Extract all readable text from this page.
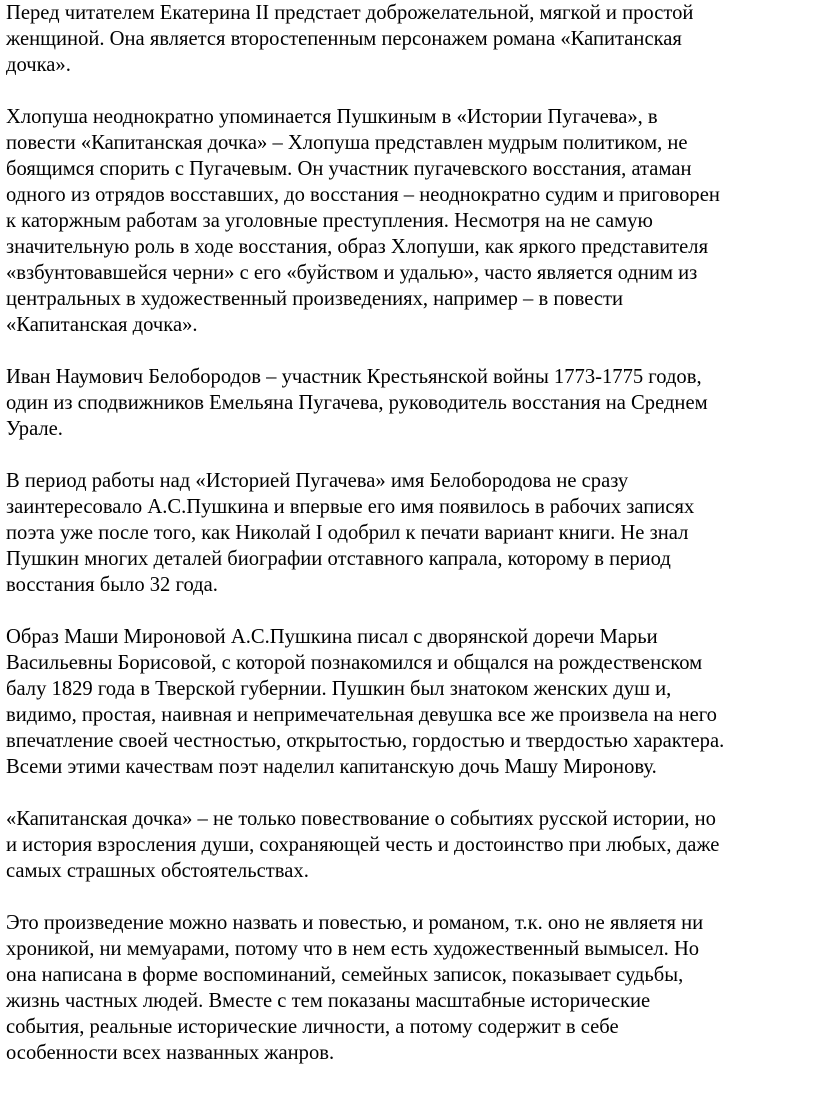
Перед читателем Екатерина II предстает доброжелательной, мягкой и простой
женщиной. Она является второстепенным персонажем романа «Капитанская
дочка».

Хлопуша неоднократно упоминается Пушкиным в «Истории Пугачева», в
повести «Капитанская дочка» – Хлопуша представлен мудрым политиком, не
боящимся спорить с Пугачевым. Он участник пугачевского восстания, атаман
одного из отрядов восставших, до восстания – неоднократно судим и приговорен
к каторжным работам за уголовные преступления. Несмотря на не самую
значительную роль в ходе восстания, образ Хлопуши, как яркого представителя
«взбунтовавшейся черни» с его «буйством и удалью», часто является одним из
центральных в художественный произведениях, например – в повести
«Капитанская дочка».

Иван Наумович Белобородов – участник Крестьянской войны 1773-1775 годов,
один из сподвижников Емельяна Пугачева, руководитель восстания на Среднем
Урале.

В период работы над «Историей Пугачева» имя Белобородова не сразу
заинтересовало А.С.Пушкина и впервые его имя появилось в рабочих записях
поэта уже после того, как Николай I одобрил к печати вариант книги. Не знал
Пушкин многих деталей биографии отставного капрала, которому в период
восстания было 32 года.

Образ Маши Мироновой А.С.Пушкина писал с дворянской доречи Марьи
Васильевны Борисовой, с которой познакомился и общался на рождественском
балу 1829 года в Тверской губернии. Пушкин был знатоком женских душ и,
видимо, простая, наивная и непримечательная девушка все же произвела на него
впечатление своей честностью, открытостью, гордостью и твердостью характера.
Всеми этими качествам поэт наделил капитанскую дочь Машу Миронову.

«Капитанская дочка» – не только повествование о событиях русской истории, но
и история взросления души, сохраняющей честь и достоинство при любых, даже
самых страшных обстоятельствах.

Это произведение можно назвать и повестью, и романом, т.к. оно не являетя ни
хроникой, ни мемуарами, потому что в нем есть художественный вымысел. Но
она написана в форме воспоминаний, семейных записок, показывает судьбы,
жизнь частных людей. Вместе с тем показаны масштабные исторические
события, реальные исторические личности, а потому содержит в себе
особенности всех названных жанров.
